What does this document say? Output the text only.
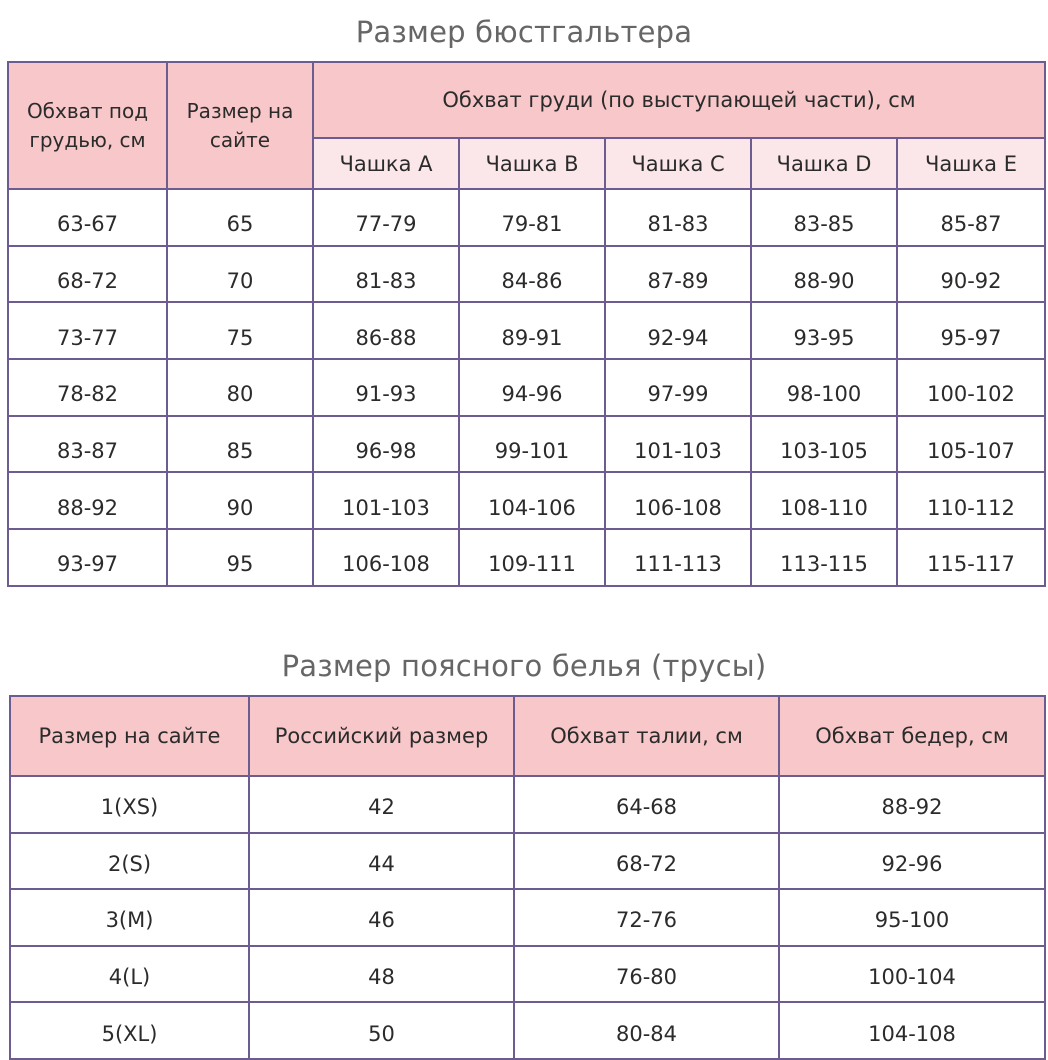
Размер бюстгальтера
Обхват под грудью, см	Размер на сайте	Обхват груди (по выступающей части), см				
		Чашка A	Чашка B	Чашка C	Чашка D	Чашка E
63-67	65	77-79	79-81	81-83	83-85	85-87
68-72	70	81-83	84-86	87-89	88-90	90-92
73-77	75	86-88	89-91	92-94	93-95	95-97
78-82	80	91-93	94-96	97-99	98-100	100-102
83-87	85	96-98	99-101	101-103	103-105	105-107
88-92	90	101-103	104-106	106-108	108-110	110-112
93-97	95	106-108	109-111	111-113	113-115	115-117
Размер поясного белья (трусы)
Размер на сайте	Российский размер	Обхват талии, см	Обхват бедер, см
1(XS)	42	64-68	88-92
2(S)	44	68-72	92-96
3(M)	46	72-76	95-100
4(L)	48	76-80	100-104
5(XL)	50	80-84	104-108
